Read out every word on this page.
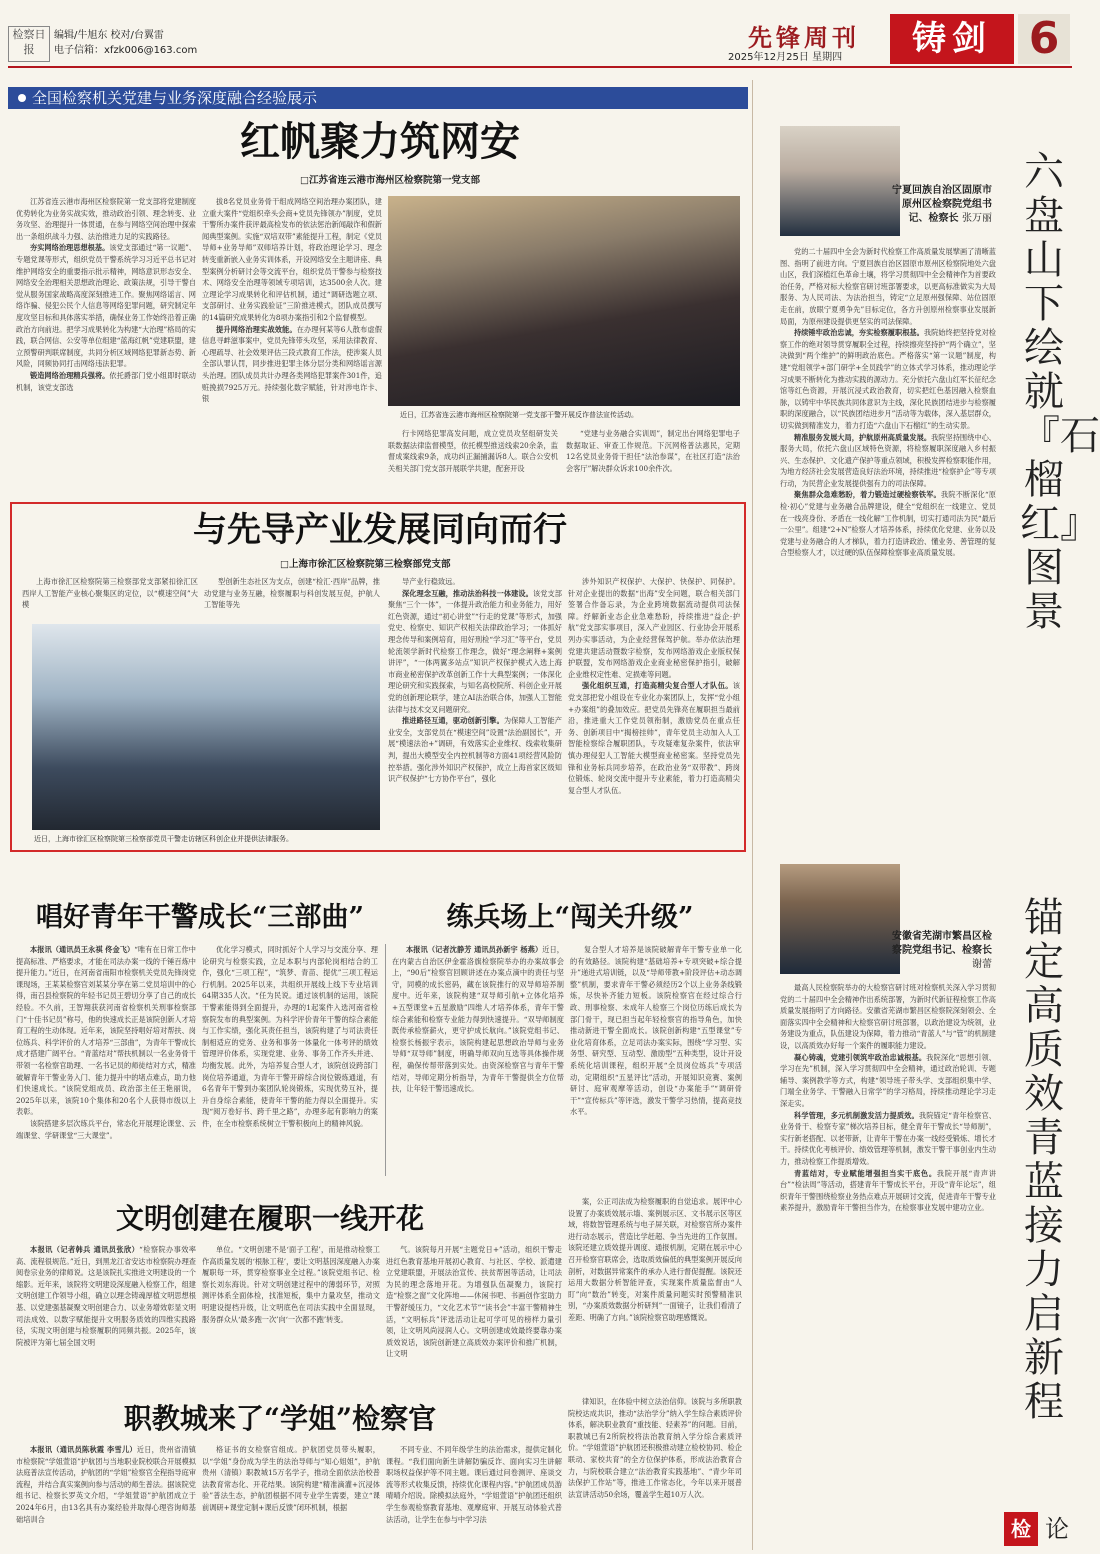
检察日报
编辑/牛旭东 校对/台翼雷
电子信箱：xfzk006@163.com	先锋周刊
2025年12月25日 星期四	铸剑 6
全国检察机关党建与业务深度融合经验展示
红帆聚力筑网安
□江苏省连云港市海州区检察院第一党支部

江苏省连云港市海州区检察院第一党支部将党建制度优势转化为业务实战实效，推动政治引领、理念转变、业务攻坚、治理提升一体贯通，在参与网络空间治理中探索出一条组织战斗力强、法治推进力足的实践路径。

夯实网络治理思想根基。该党支部通过“第一议题”、专题党课等形式，组织党员干警系统学习习近平总书记对维护网络安全的重要指示批示精神，网络意识形态安全、网络安全治理相关思想政治理论、政策法规，引导干警自觉从服务国家战略高度深刻推进工作。聚焦网络谣言、网络诈骗、侵犯公民个人信息等网络犯罪问题，研究制定年度攻坚目标和具体落实举措，确保业务工作始终沿着正确政治方向前进。把学习成果转化为构建“大治理”格局的实践，联合网信、公安等单位组建“蓝海红帆”党建联盟，建立预警研判联席制度，共同分析区域网络犯罪新态势、新风险，同频协同打击网络违法犯罪。

锻造网络治理精兵强将。依托爵部门党小组即时联动机制，该党支部选

拔8名党员业务骨干组成网络空间治理办案团队，建立重大案件“党组织牵头会商+党员先锋领办”制度，党员干警所办案件获评最高检发布的依法惩治新闻敲诈和假新闻典型案例。实施“双培双带”素能提升工程，制定《党员导师+业务导师”双师培养计划，将政治理论学习、理念转变重新嵌入业务实训体系，开设网络安全主题讲座、典型案例分析研讨会等交流平台，组织党员干警参与检察技术、网络安全治理等领域专项培训，达3500余人次。建立理论学习成果转化和评估机制，通过“调研选题立项、支部研讨、业务实践验证”三阶推进模式，团队成员撰写的14篇研究成果转化为8项办案指引和2个监督模型。

提升网络治理实战效能。在办理何某等6人散布虚假信息寻衅滋事案中，党员先锋带头攻坚，采用法律教育、心理疏导、社会效果评估三段式教育工作法，使涉案人员全部认罪认罚，同步推进犯罪主体分层分类和网络谣言源头治理。团队成员共计办理各类网络犯罪案件301件，追赃挽损7925万元。持续强化数字赋能，针对涉电诈卡、银

近日，江苏省连云港市海州区检察院第一党支部干警开展反诈普法宣传活动。

行卡网络犯罪高发问题，成立党员攻坚组研发关联数据法律监督模型，依托模型推送线索20余条，监督成案线索9条，成功纠正漏捕漏诉8人。联合公安机关相关部门党支部开展联学共建，配套开设

“党建与业务融合实训周”，制定出台网络犯罪电子数据取证、审查工作规范。下沉网格普法惠民，定期12名党员业务骨干担任“法治参谋”，在社区打造“法治会客厅”解决群众诉求100余件次。

与先导产业发展同向而行
□上海市徐汇区检察院第三检察部党支部

上海市徐汇区检察院第三检察部党支部紧扣徐汇区西岸人工智能产业核心聚集区的定位，以“模速空间”大模

型创新生态社区为支点，创建“检汇·西岸”品牌，推动党建与业务互融，检察履职与科创发展互促，护航人工智能等先

近日，上海市徐汇区检察院第三检察部党员干警走访辖区科创企业并提供法律服务。

导产业行稳致远。

深化理念互融，推动法治科技一体建设。该党支部聚焦“三个一体”，一体提升政治能力和业务能力，用好红色资源，通过“初心讲堂”“行走的党课”等形式，加强党史、检察史、知识产权相关法律政治学习；一体抓好理念传导和案例培育，用好刑检“学习汇”等平台，党员轮流领学新时代检察工作理念，做好“理念阐释+案例讲评”，“一体两翼多站点”知识产权保护模式入选上海市商业秘密保护改革创新工作十大典型案例；一体深化理论研究和实践探索，与知名高校院所、科创企业开展党的创新理论联学，建立AI法治联合体，加强人工智能法律与技术交叉问题研究。

推进路径互通，驱动创新引擎。为保障人工智能产业安全，支部党员在“模速空间”设置“法治副园长”，开展“模速法治+”调研，有效落实企业维权、线索收集研判，提出大模型安全内控机制等8方面41项经营风险防控举措。强化涉外知识产权保护，成立上海首家区级知识产权保护“七方协作平台”，强化

涉外知识产权保护、大保护、快保护、同保护。针对企业提出的数据“出海”安全问题，联合相关部门签署合作备忘录，为企业跨境数据流动提供司法保障。纾解新业态企业急难愁盼，持续推进“益企·护航”党支部实事项目，深入产业园区、行业协会开展系列办实事活动，为企业经营保驾护航。举办依法治理党建共建活动暨数字检察，发布网络游戏企业版权保护联盟，发布网络游戏企业商业秘密保护指引，破解企业维权定性难、定损难等问题。

强化组织互通，打造高精尖复合型人才队伍。该党支部把党小组设在专业化办案团队上，发挥“党小组+办案组”的叠加效应。把党员先锋亮在履职担当最前沿，推进重大工作党员领衔制，激励党员在重点任务、创新项目中“揭榜挂帅”，青年党员主动加入人工智能检察综合履职团队，专攻疑难复杂案件，依法审慎办理侵犯人工智能大模型商业秘密案。坚持党员先锋和业务标兵同步培养，在政治业务“双带教”、跨岗位锻炼、轮岗交流中提升专业素能，着力打造高精尖复合型人才队伍。

唱好青年干警成长“三部曲”

本报讯（通讯员王永祺 佟金飞）“唯有在日常工作中提高标准、严格要求，才能在司法办案一线的千锤百炼中提升能力。”近日，在河南省南阳市检察机关党员先锋岗党课现场，王某某检察官刘某某分享在第二党员培训中的心得，南召县检察院的年轻书记员王碧切分享了自己的成长经验。不久前，王智翔获获河南省检察机关刑事检察部门“十佳书记员”称号，他的快速成长正是该院创新人才培育工程的生动体现。近年来，该院坚持唱好培对帮扶、岗位练兵、科学评价的人才培养“三部曲”，为青年干警成长成才搭建广阔平台。“青蓝结对”帮扶机制以一名业务骨干带领一名检察官助理、一名书记员的师徒结对方式，精准破解青年干警业务入门、能力提升中的堵点难点，助力他们快速成长。“该院党组成员、政治部主任王艳丽说，2025年以来，该院10个集体和20名个人获得市级以上表彰。

该院搭建多层次练兵平台，常态化开展理论课堂、云端课堂、学研课堂“三大课堂”。

优化学习模式，同时抓好个人学习与交流分享、理论研究与检察实践，立足本职与内部轮岗相结合的工作，强化“三项工程”，“筑梦、青苗、提优”三项工程运行机制。2025年以来，共组织开展线上线下专业培训64期335人次。“任为民说。通过该机制的运用，该院干警素能得到全面提升，办理的1起案件入选河南省检察院发布的典型案例。为科学评价青年干警的综合素能与工作实绩，强化其责任担当，该院构建了与司法责任制相适应的党务、业务和事务一体量化一体考评的绩效管理评价体系，实现党建、业务、事务工作齐头并进、均衡发展。此外，为培养复合型人才，该院创设跨部门岗位培养通道，为青年干警开辟综合岗位锻炼通道，有6名青年干警到办案团队轮岗锻炼，实现优势互补，提升自身综合素能，使青年干警的能力得以全面提升。实现“阅万卷好书、跨千里之路”，办理多起有影响力的案件，在全市检察系统树立干警积极向上的精神风貌。

练兵场上“闯关升级”

本报讯（记者沈静芳 通讯员孙新宇 杨燕）近日，在内蒙古自治区伊金霍洛旗检察院举办的办案故事会上，“90后”检察官回顾讲述在办案点滴中的责任与坚守，同模的成长密码，藏在该院推行的双导师培养制度中。近年来，该院构建“双导师引航+立体化培养+五型课堂+五星激励”四维人才培养体系，青年干警综合素能和检察专业能力得到快速提升。“双导师制度既传承检察薪火，更守护成长航向。”该院党组书记、检察长杨振宇表示，该院构建起思想政治导师与业务导师“双导师”制度，明确导师双向互选等具体操作规程，确保传帮带落到实处。由资深检察官与青年干警结对，导师定期分析指导，为青年干警提供全方位帮扶，让年轻干警迅速成长。

复合型人才培养是该院破解青年干警专业单一化的有效路径。该院构建“基础培养+专项突破+综合提升”递进式培训链，以及“导师带教+阶段评估+动态调整”机制，要求青年干警必须经历2个以上业务条线锻炼，尽快补齐能力短板。该院检察官在经过综合行政、刑事检察、未成年人检察三个岗位历练后成长为部门骨干，现已担当起年轻检察官的指导角色，加快推动新进干警全面成长。该院创新构建“五型课堂”专业化培育体系，立足司法办案实际，围绕“学习型、实务型、研究型、互动型、激励型”五种类型，设计开设系统化培训课程，组织开展“全员岗位练兵”专项活动，定期组织“五星评比”活动，开展知识竞赛、案例研讨、庭审观摩等活动，创设“办案能手”“调研骨干”“宣传标兵”等评选，激发干警学习热情，提高竞技水平。

文明创建在履职一线开花

本报讯（记者韩兵 通讯员张欣）“检察院办事效率高、流程很规范。”近日，到黑龙江省安达市检察院办理查阅卷宗业务的律师说。这是该院扎实推进文明建设的一个缩影。近年来，该院将文明建设深度融入检察工作，组建文明创建工作领导小组，确立以理念铸魂厚植文明思想根基、以党建强基凝聚文明创建合力、以业务增效彰显文明司法成效、以数字赋能提升文明服务质效的四维实践路径，实现文明创建与检察履职的同频共振。2025年，该院被评为第七届全国文明

单位。“文明创建不是‘面子工程’，而是推动检察工作高质量发展的‘根脉工程’，要让文明基因深度融入办案履职每一环，贯穿检察事业全过程。”该院党组书记、检察长刘东海说。针对文明创建过程中的薄弱环节，对照测评体系全面体检，找准短板，集中力量攻坚，推动文明建设提档升级，让文明底色在司法实践中全面显现，服务群众从‘最多跑一次’向‘一次都不跑’转变。

气。该院每月开展“主题党日+”活动，组织干警走进红色教育基地开展初心教育、与社区、学校、派遣建立党建联盟，开展法治宣传、扶贫帮困等活动，让司法为民的理念落地开花。为增强队伍凝聚力，该院打造“检察之窗”文化阵地——休闲书吧、书画创作室助力干警舒缓压力，“文化艺术节”“读书会”丰富干警精神生活，“文明标兵”评选活动让起可学可见的榜样力量引领，让文明风尚浸润人心。文明创建成效最终要靠办案质效说话，该院创新建立高质效办案评价和推广机制，让文明

案，公正司法成为检察履职的自觉追求。展评中心设置了办案质效展示墙、案例展示区、文书展示区等区域，将数智管理系统与电子屏关联，对检察官所办案件进行动态展示，营造比学赶超、争当先进的工作氛围。该院还建立质效提升调度、通报机制，定期在展示中心召开检察官联席会，选取质效偏低的典型案例开展反向剖析，对数据异常案件的承办人进行督促提醒。该院还运用大数据分析智能评查，实现案件质量监督由“人盯”向“数治”转变，对案件质量问题实时预警精准识别，“办案质效数据分析研判”一面镜子，让我们看清了差距、明确了方向。”该院检察官助理感慨说。

职教城来了“学姐”检察官

本报讯（通讯员陈秋霞 李雪儿）近日，贵州省清镇市检察院“学姐萱语”护航团与当地职业院校联合开展模拟法庭普法宣传活动，护航团的“学姐”检察官全程指导庭审流程，并结合真实案例向参与活动的师生普法。据该院党组书记、检察长罗英文介绍，“学姐萱语”护航团成立于2024年6月，由13名具有办案经验并取得心理咨询师基础培训合

格证书的女检察官组成。护航团党员带头履职，以“学姐”身份成为学生的法治导师与“知心姐姐”，护航贵州（清镇）职教城15万名学子，推动全面依法治校普法教育常态化、开花结果。该院构建“精准滴灌+沉浸体验”普法生态，护航团根据不同专业学生需要，建立“课前调研+课堂定制+课后反馈”闭环机制，根据

不同专业、不同年级学生的法治需求，提供定制化课程。“我们面向新生讲解防骗反诈、面向实习生讲解职场权益保护等不同主题。课后通过问卷测评、座谈交流等形式收集反馈，持续优化课程内容。”护航团成员游晴晴介绍说。除模拟法庭外，“学姐萱语”护航团还组织学生参观检察教育基地、观摩庭审、开展互动体验式普法活动，让学生在参与中学习法

律知识，在体验中树立法治信仰。该院与多所职教院校达成共识，推动“法治学分”纳入学生综合素质评价体系，解决职业教育“重技能、轻素养”的问题。目前，职教城已有2所院校将法治教育纳入学分综合素质评价。“学姐萱语”护航团还积极推动建立检校协同、检企联动、家校共育”的全方位保护体系，形成法治教育合力，与院校联合建立“法治教育实践基地”、“青少年司法保护工作站”等，推进工作常态化，今年以来开展普法宣讲活动50余场，覆盖学生超10万人次。

六盘山下绘就『石榴红』图景
宁夏回族自治区固原市原州区检察院党组书记、检察长 张万丽

党的二十届四中全会为新时代检察工作高质量发展擘画了清晰蓝图、指明了前进方向。宁夏回族自治区固原市原州区检察院地处六盘山区，我们深植红色革命土壤，将学习贯彻四中全会精神作为首要政治任务，严格对标大检察官研讨班部署要求，以更高标准做实为大局服务、为人民司法、为法治担当，铸定“立足原州强保障、站位固原走在前，放眼宁夏勇争先”目标定位，各方升创原州检察事业发展新局面，为原州建设提供更坚实的司法保障。

持续锤牢政治忠诚，夯实检察履职根基。我院始终把坚持党对检察工作的绝对领导贯穿履职全过程，持续擦亮坚持护“两个确立”，坚决做到“两个维护”的鲜明政治底色。严格落实“第一议题”制度，构建“党组领学+部门研学+全员践学”的立体式学习体系，推动理论学习成果不断转化为推动实践的源动力。充分依托六盘山红军长征纪念馆等红色资源，开展沉浸式政治教育，切实把红色基因融入检察血脉，以铸牢中华民族共同体意识为主线，深化民族团结进步与检察履职的深度融合，以“民族团结进步月”活动等为载体，深入基层群众，切实做到精准发力，着力打造“六盘山下石榴红”的生动实景。

精准服务发展大局，护航原州高质量发展。我院坚持围绕中心、服务大局，依托六盘山区域特色资源，将检察履职深度融入乡村振兴、生态保护、文化遗产保护等重点领域，积极发挥检察职能作用，为地方经济社会发展营造良好法治环境，持续推进“检察护企”等专项行动，为民营企业发展提供强有力的司法保障。

聚焦群众急难愁盼，着力锻造过硬检察铁军。我院不断深化“原检·初心”党建与业务融合品牌建设，健全“党组织在一线建立、党员在一线亮身份、矛盾在一线化解”工作机制，切实打通司法为民“最后一公里”。组建“2+N”检察人才培养体系，持续优化党建、业务以及党建与业务融合的人才梯队，着力打造讲政治、懂业务、善管理的复合型检察人才，以过硬的队伍保障检察事业高质量发展。

锚定高质效 青蓝接力启新程
安徽省芜湖市繁昌区检察院党组书记、检察长 谢蕾

最高人民检察院举办的大检察官研讨班对检察机关深入学习贯彻党的二十届四中全会精神作出系统部署，为新时代新征程检察工作高质量发展指明了方向路径。安徽省芜湖市繁昌区检察院深刻领会、全面落实四中全会精神和大检察官研讨班部署，以政治建设为统领，业务建设为重点，队伍建设为保障，着力推动“青蓝人”与“管”的机制建设，以高质效办好每一个案件的履职能力建设。

凝心铸魂，党建引领筑牢政治忠诚根基。我院深化“思想引领、学习在先”机制，深入学习贯彻四中全会精神，通过政治轮训、专题辅导、案例教学等方式，构建“领导班子带头学、支部组织集中学、门端全业务学、干警融入日常学”的学习格局，持续推动理论学习走深走实。

科学管理，多元机制激发活力提质效。我院锚定“青年检察官、业务骨干、检察专家”梯次培养目标，健全青年干警成长“导师制”，实行新老搭配、以老带新，让青年干警在办案一线经受锻炼、增长才干。持续优化考核评价、绩效管理等机制，激发干警干事创业内生动力，推动检察工作提质增效。

青蓝结对，专业赋能增强担当实干底色。我院开展“青声讲台”“检法周”等活动，搭建青年干警成长平台，开设“青年论坛”，组织青年干警围绕检察业务热点难点开展研讨交流，促进青年干警专业素养提升，激励青年干警担当作为，在检察事业发展中建功立业。

检 论
